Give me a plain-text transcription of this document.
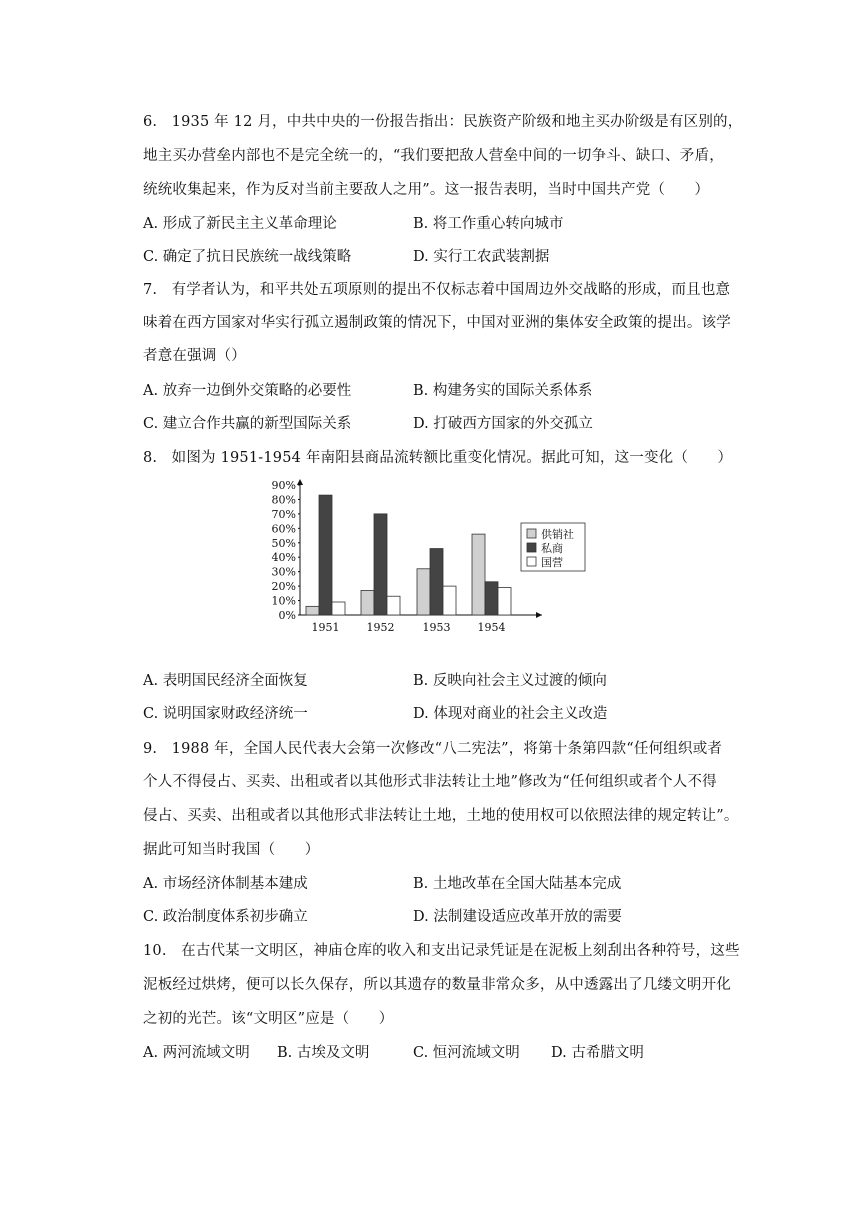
6.   1935 年 12 月，中共中央的一份报告指出：民族资产阶级和地主买办阶级是有区别的，
地主买办营垒内部也不是完全统一的，“我们要把敌人营垒中间的一切争斗、缺口、矛盾，
统统收集起来，作为反对当前主要敌人之用”。这一报告表明，当时中国共产党（　　）
A. 形成了新民主主义革命理论	B. 将工作重心转向城市
C. 确定了抗日民族统一战线策略	D. 实行工农武装割据
7.   有学者认为，和平共处五项原则的提出不仅标志着中国周边外交战略的形成，而且也意
味着在西方国家对华实行孤立遏制政策的情况下，中国对亚洲的集体安全政策的提出。该学
者意在强调（）
A. 放弃一边倒外交策略的必要性	B. 构建务实的国际关系体系
C. 建立合作共赢的新型国际关系	D. 打破西方国家的外交孤立
8.   如图为 1951-1954 年南阳县商品流转额比重变化情况。据此可知，这一变化（　　）
0%
10%
20%
30%
40%
50%
60%
70%
80%
90%
1951 1952	1953 1954
供销社
私商
国营
A. 表明国民经济全面恢复	B. 反映向社会主义过渡的倾向
C. 说明国家财政经济统一	D. 体现对商业的社会主义改造
9.   1988 年，全国人民代表大会第一次修改“八二宪法”，将第十条第四款“任何组织或者
个人不得侵占、买卖、出租或者以其他形式非法转让土地”修改为“任何组织或者个人不得
侵占、买卖、出租或者以其他形式非法转让土地，土地的使用权可以依照法律的规定转让”。
据此可知当时我国（　　）
A. 市场经济体制基本建成	B. 土地改革在全国大陆基本完成
C. 政治制度体系初步确立	D. 法制建设适应改革开放的需要
10.   在古代某一文明区，神庙仓库的收入和支出记录凭证是在泥板上刻刮出各种符号，这些
泥板经过烘烤，便可以长久保存，所以其遗存的数量非常众多，从中透露出了几缕文明开化
之初的光芒。该“文明区”应是（　　）
A. 两河流域文明 B. 古埃及文明	C. 恒河流域文明 D. 古希腊文明
